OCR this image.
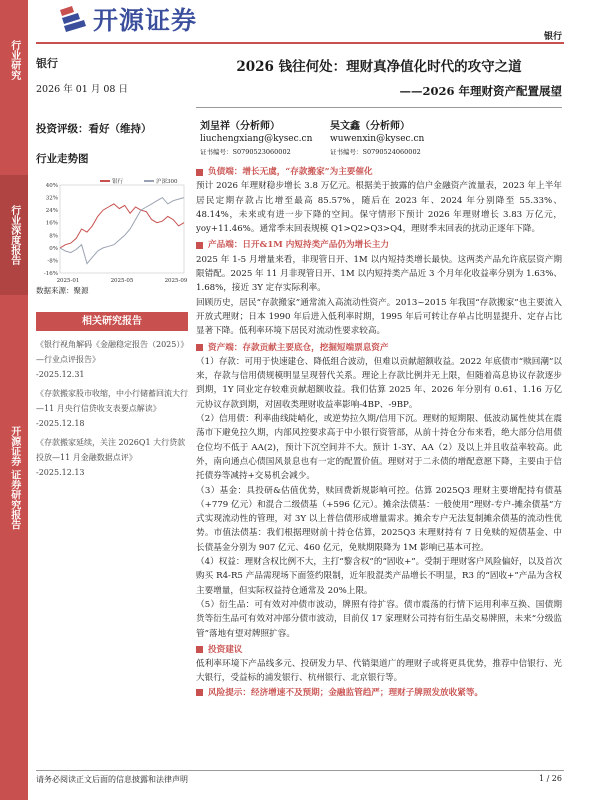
开源证券
银行
行业研究
行业深度报告
开源证券 证券研究报告
银行
2026 年 01 月 08 日
投资评级：看好（维持）
行业走势图
40%
32%
24%
16%
8%
0%
-8%
-16%
2025-01	2025-05	2025-09
银行	沪深300
数据来源：聚源
相关研究报告
《银行视角解码《金融稳定报告（2025）》—行业点评报告》
-2025.12.31
《存款搬家股市收缩，中小行储蓄回流大行—11 月央行信贷收支表要点解读》
-2025.12.18
《存款搬家延续，关注 2026Q1 大行贷款投放—11 月金融数据点评》
-2025.12.13
2026 钱往何处：理财真净值化时代的攻守之道
——2026 年理财资产配置展望
刘呈祥（分析师）
liuchengxiang@kysec.cn
证书编号：S0790523060002
吴文鑫（分析师）
wuwenxin@kysec.cn
证书编号：S0790524060002
负债端：增长无虞，“存款搬家”为主要催化
预计 2026 年理财稳步增长 3.8 万亿元。根据美于披露的信户金融资产流量表，2023 年上半年居民定期存款占比增至最高 85.57%，随后在 2023 年、2024 年分别降至 55.33%、48.14%，未来或有进一步下降的空间。保守情形下预计 2026 年理财增长 3.83 万亿元，yoy+11.46%。通常季末回表规模 Q1>Q2>Q3>Q4，理财季末回表的扰动正逐年下降。
产品端：日开&1M 内短持类产品仍为增长主力
2025 年 1-5 月增量来看，非现管日开、1M 以内短持类增长最快。这两类产品允许底层资产期限错配。2025 年 11 月非现管日开、1M 以内短持类产品近 3 个月年化收益率分别为 1.63%、1.68%，接近 3Y 定存实际利率。
回顾历史，居民“存款搬家”通常流入高流动性资产。2013~2015 年我国“存款搬家”也主要流入开放式理财；日本 1990 年后进入低利率时期，1995 年后可转让存单占比明显提升、定存占比显著下降。低利率环境下居民对流动性要求较高。
资产端：存款贡献主要底仓，挖掘短端票息资产
（1）存款：可用于快速建仓、降低组合波动，但难以贡献超额收益。2022 年底债市“赎回潮”以来，存款与信用债规模明显呈现替代关系。理论上存款比例并无上限，但随着高息协议存款逐步到期，1Y 同业定存较难贡献超额收益。我们估算 2025 年、2026 年分别有 0.61、1.16 万亿元协议存款到期，对固收类理财收益率影响-4BP、-9BP。
（2）信用债：利率曲线陡峭化，或逆势拉久期/信用下沉。理财的短期限、低波动属性使其在震荡市下避免拉久期，内部风控要求高于中小银行资管部，从前十持仓分布来看，绝大部分信用债仓位均不低于 AA(2)，预计下沉空间并不大。预计 1-3Y、AA（2）及以上并且收益率较高。此外，南向通点心债国风景息也有一定的配置价值。理财对于二永债的增配意愿下降，主要由于信托债券等减持+交易机会减少。
（3）基金：具投研&估值优势，赎回费新规影响可控。估算 2025Q3 理财主要增配持有债基（+779 亿元）和混合二级债基（+596 亿元）。摊余法债基：一般使用“理财-专户-摊余债基”方式实现流动性的管理，对 3Y 以上普信债形成增量需求。摊余专户无法复制摊余债基的流动性优势。市值法债基：我们根据理财前十持仓估算，2025Q3 末理财持有 7 日免赎的短债基金、中长债基金分别为 907 亿元、460 亿元，免赎期限降为 1M 影响已基本可控。
（4）权益：理财含权比例不大，主打“黎含权”的“固收+”。受制于理财客户风险偏好，以及首次购买 R4-R5 产品需现场下面签约限制，近年股混类产品增长不明显，R3 的“固收+”产品为含权主要增量，但实际权益持仓通常及 20%上限。
（5）衍生品：可有效对冲债市波动，牌照有待扩容。债市震荡的行情下运用利率互换、国债期货等衍生品可有效对冲部分债市波动，目前仅 17 家理财公司持有衍生品交易牌照，未来“分级监管”落地有望对牌照扩容。
投资建议
低利率环境下产品线多元、投研发力早、代销渠道广的理财子或将更具优势，推荐中信银行、光大银行，受益标的浦发银行、杭州银行、北京银行等。
风险提示：经济增速不及预期；金融监管趋严；理财子牌照发放收紧等。
请务必阅读正文后面的信息披露和法律声明	1 / 26
